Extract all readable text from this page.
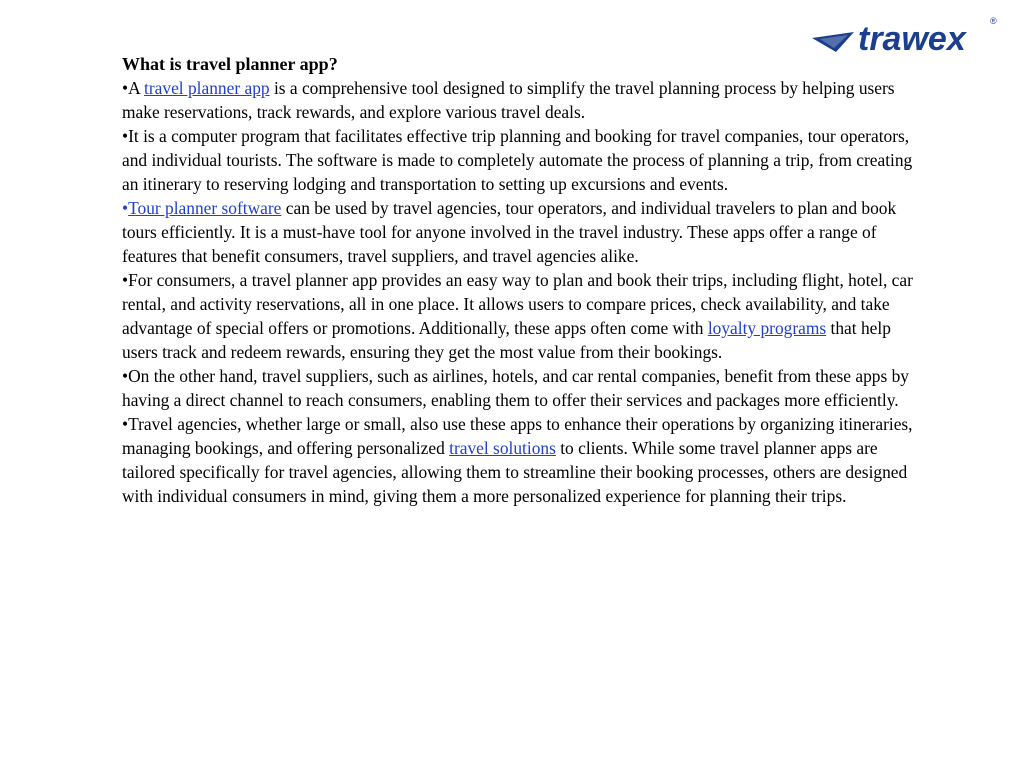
trawex	®

What is travel planner app?

•A travel planner app is a comprehensive tool designed to simplify the travel planning process by helping users make reservations, track rewards, and explore various travel deals.

•It is a computer program that facilitates effective trip planning and booking for travel companies, tour operators, and individual tourists. The software is made to completely automate the process of planning a trip, from creating an itinerary to reserving lodging and transportation to setting up excursions and events.

•Tour planner software can be used by travel agencies, tour operators, and individual travelers to plan and book tours efficiently. It is a must-have tool for anyone involved in the travel industry. These apps offer a range of features that benefit consumers, travel suppliers, and travel agencies alike.

•For consumers, a travel planner app provides an easy way to plan and book their trips, including flight, hotel, car rental, and activity reservations, all in one place. It allows users to compare prices, check availability, and take advantage of special offers or promotions. Additionally, these apps often come with loyalty programs that help users track and redeem rewards, ensuring they get the most value from their bookings.

•On the other hand, travel suppliers, such as airlines, hotels, and car rental companies, benefit from these apps by having a direct channel to reach consumers, enabling them to offer their services and packages more efficiently.

•Travel agencies, whether large or small, also use these apps to enhance their operations by organizing itineraries, managing bookings, and offering personalized travel solutions to clients. While some travel planner apps are tailored specifically for travel agencies, allowing them to streamline their booking processes, others are designed with individual consumers in mind, giving them a more personalized experience for planning their trips.
